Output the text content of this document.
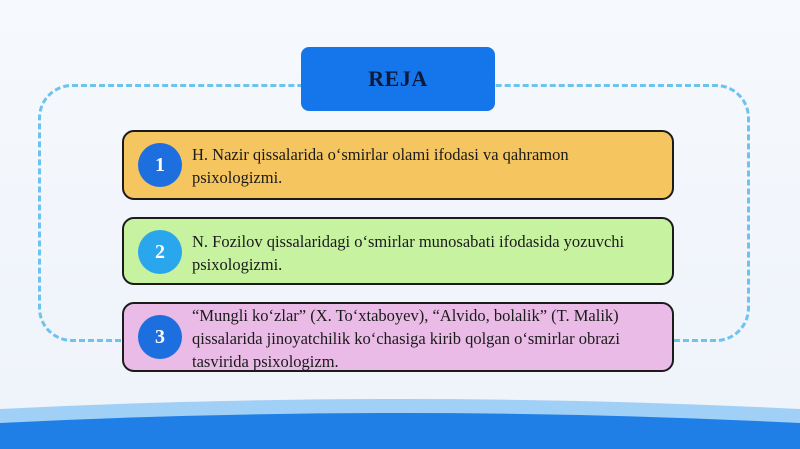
REJA
1 H. Nazir qissalarida o‘smirlar olami ifodasi va qahramon psixologizmi.
2 N. Fozilov qissalaridagi o‘smirlar munosabati ifodasida yozuvchi psixologizmi.
3
“Mungli ko‘zlar” (X. To‘xtaboyev), “Alvido, bolalik” (T. Malik) qissalarida jinoyatchilik ko‘chasiga kirib qolgan o‘smirlar obrazi tasvirida psixologizm.
